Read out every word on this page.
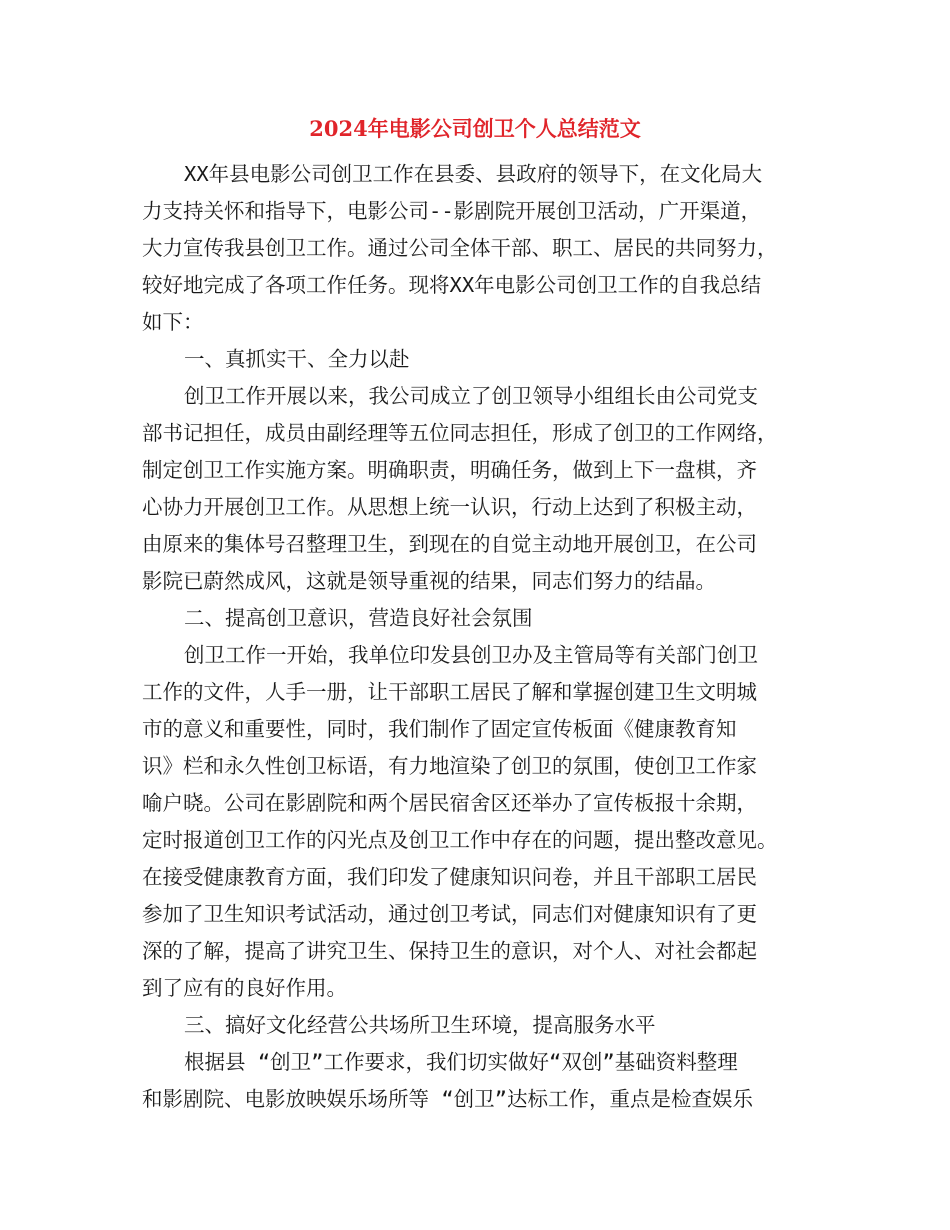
2024年电影公司创卫个人总结范文

XX年县电影公司创卫工作在县委、县政府的领导下，在文化局大

力支持关怀和指导下，电影公司--影剧院开展创卫活动，广开渠道，

大力宣传我县创卫工作。通过公司全体干部、职工、居民的共同努力，

较好地完成了各项工作任务。现将XX年电影公司创卫工作的自我总结

如下：

一、真抓实干、全力以赴

创卫工作开展以来，我公司成立了创卫领导小组组长由公司党支

部书记担任，成员由副经理等五位同志担任，形成了创卫的工作网络，

制定创卫工作实施方案。明确职责，明确任务，做到上下一盘棋，齐

心协力开展创卫工作。从思想上统一认识，行动上达到了积极主动，

由原来的集体号召整理卫生，到现在的自觉主动地开展创卫，在公司

影院已蔚然成风，这就是领导重视的结果，同志们努力的结晶。

二、提高创卫意识，营造良好社会氛围

创卫工作一开始，我单位印发县创卫办及主管局等有关部门创卫

工作的文件，人手一册，让干部职工居民了解和掌握创建卫生文明城

市的意义和重要性，同时，我们制作了固定宣传板面《健康教育知

识》栏和永久性创卫标语，有力地渲染了创卫的氛围，使创卫工作家

喻户晓。公司在影剧院和两个居民宿舍区还举办了宣传板报十余期，

定时报道创卫工作的闪光点及创卫工作中存在的问题，提出整改意见。

在接受健康教育方面，我们印发了健康知识问卷，并且干部职工居民

参加了卫生知识考试活动，通过创卫考试，同志们对健康知识有了更

深的了解，提高了讲究卫生、保持卫生的意识，对个人、对社会都起

到了应有的良好作用。

三、搞好文化经营公共场所卫生环境，提高服务水平

根据县 “创卫”工作要求，我们切实做好“双创”基础资料整理

和影剧院、电影放映娱乐场所等 “创卫”达标工作，重点是检查娱乐
